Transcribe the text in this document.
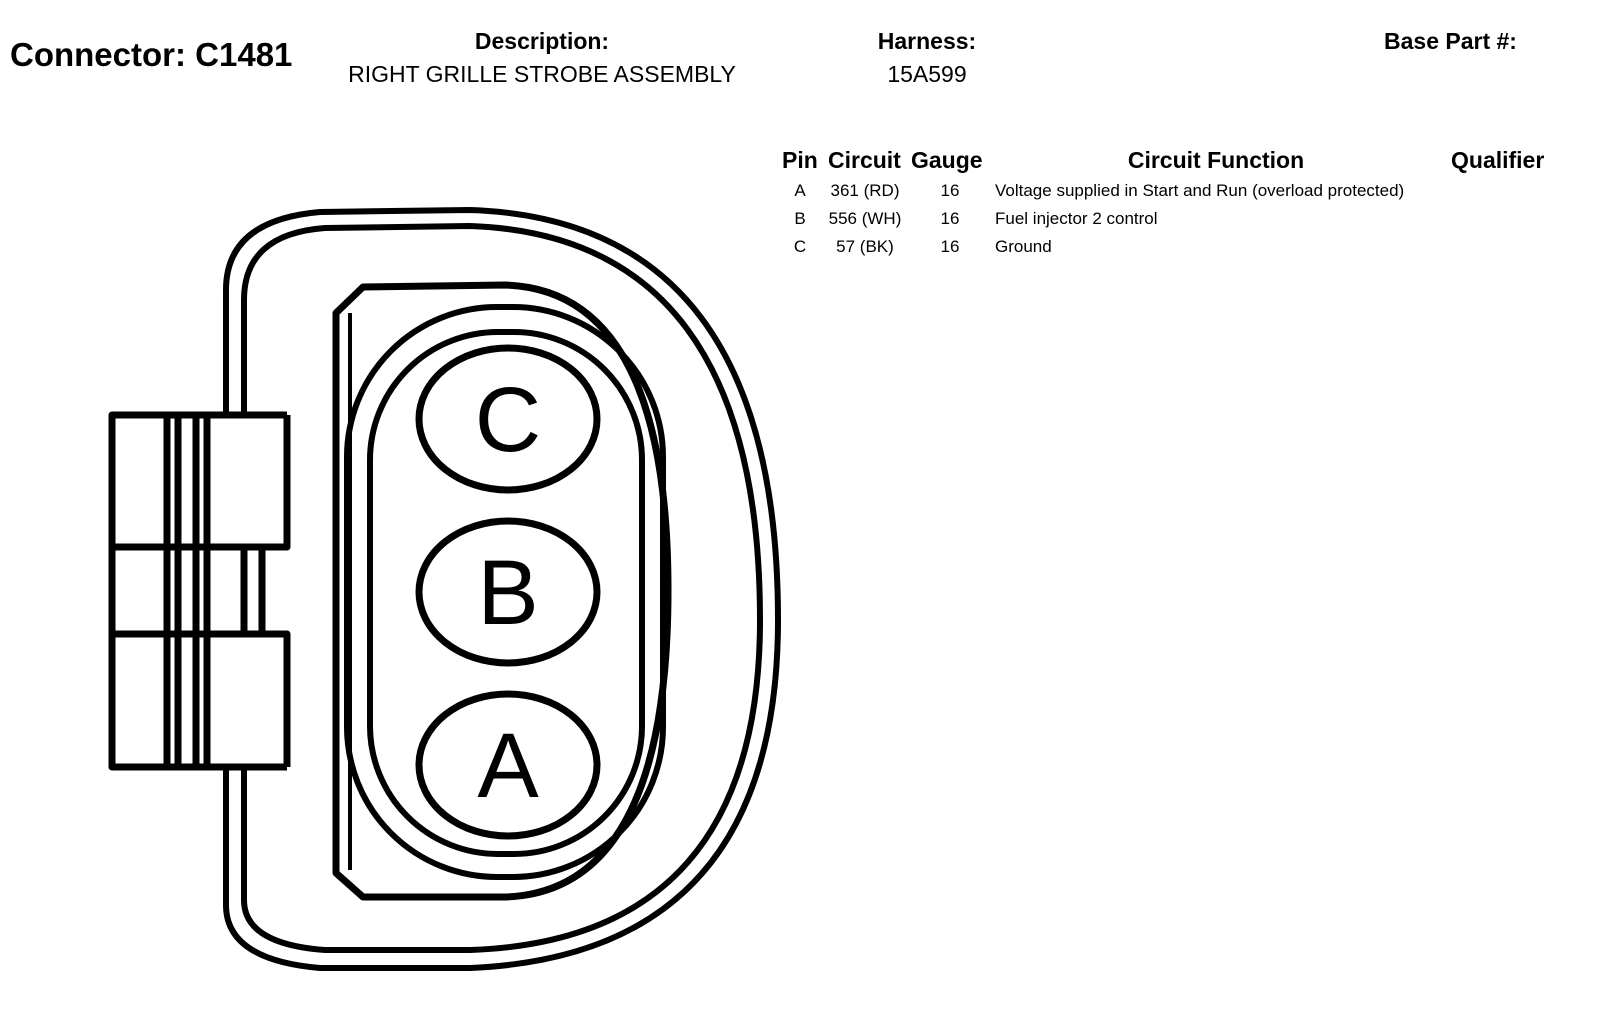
Connector: C1481	Description:
RIGHT GRILLE STROBE ASSEMBLY
Harness:
15A599
Base Part #:
Pin Circuit Gauge	Circuit Function	Qualifier
A 361 (RD) 16 Voltage supplied in Start and Run (overload protected)
B 556 (WH) 16 Fuel injector 2 control
C 57 (BK)	16 Ground
C
B
A
